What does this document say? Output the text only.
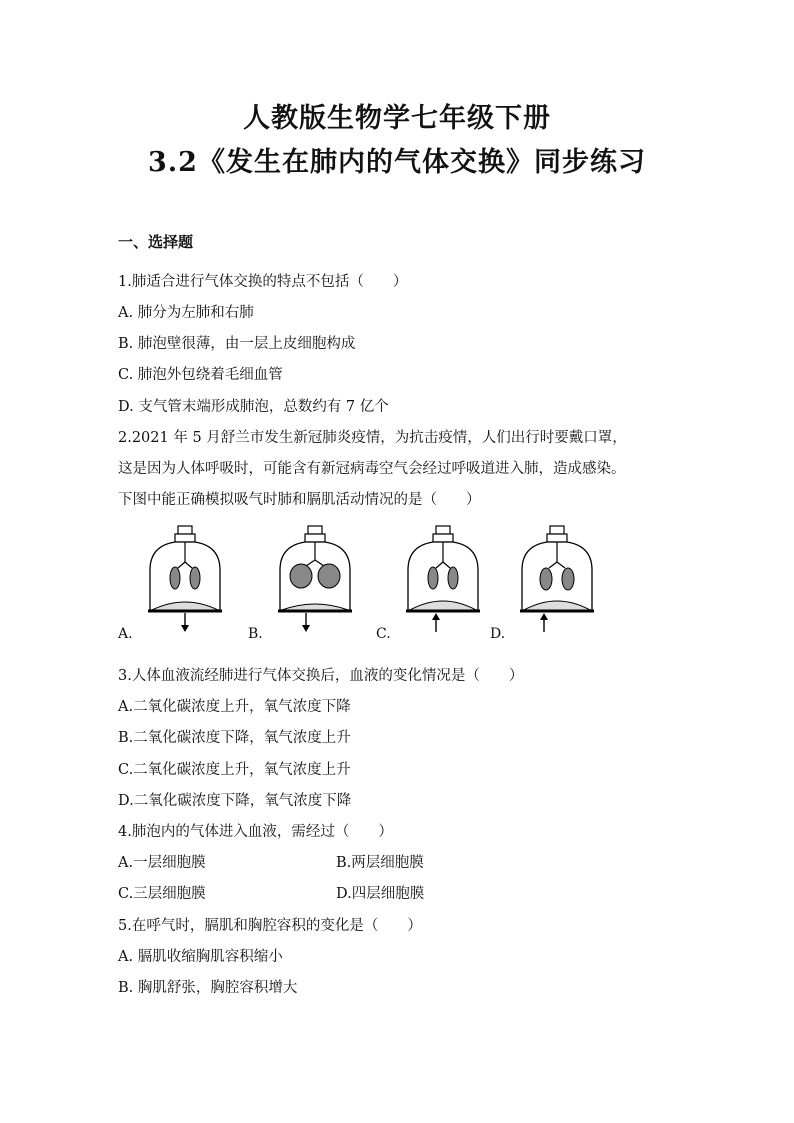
人教版生物学七年级下册
3.2《发生在肺内的气体交换》同步练习
一、选择题
1.肺适合进行气体交换的特点不包括（　　）
A. 肺分为左肺和右肺
B. 肺泡壁很薄，由一层上皮细胞构成
C. 肺泡外包绕着毛细血管
D. 支气管末端形成肺泡，总数约有 7 亿个
2.2021 年 5 月舒兰市发生新冠肺炎疫情，为抗击疫情，人们出行时要戴口罩，
这是因为人体呼吸时，可能含有新冠病毒空气会经过呼吸道进入肺，造成感染。
下图中能正确模拟吸气时肺和膈肌活动情况的是（　　）
A.	B.	C.	D.
3.人体血液流经肺进行气体交换后，血液的变化情况是（　　）
A.二氧化碳浓度上升，氧气浓度下降
B.二氧化碳浓度下降，氧气浓度上升
C.二氧化碳浓度上升，氧气浓度上升
D.二氧化碳浓度下降，氧气浓度下降
4.肺泡内的气体进入血液，需经过（　　）
A.一层细胞膜	B.两层细胞膜
C.三层细胞膜	D.四层细胞膜
5.在呼气时，膈肌和胸腔容积的变化是（　　）
A. 膈肌收缩胸肌容积缩小
B. 胸肌舒张，胸腔容积增大
